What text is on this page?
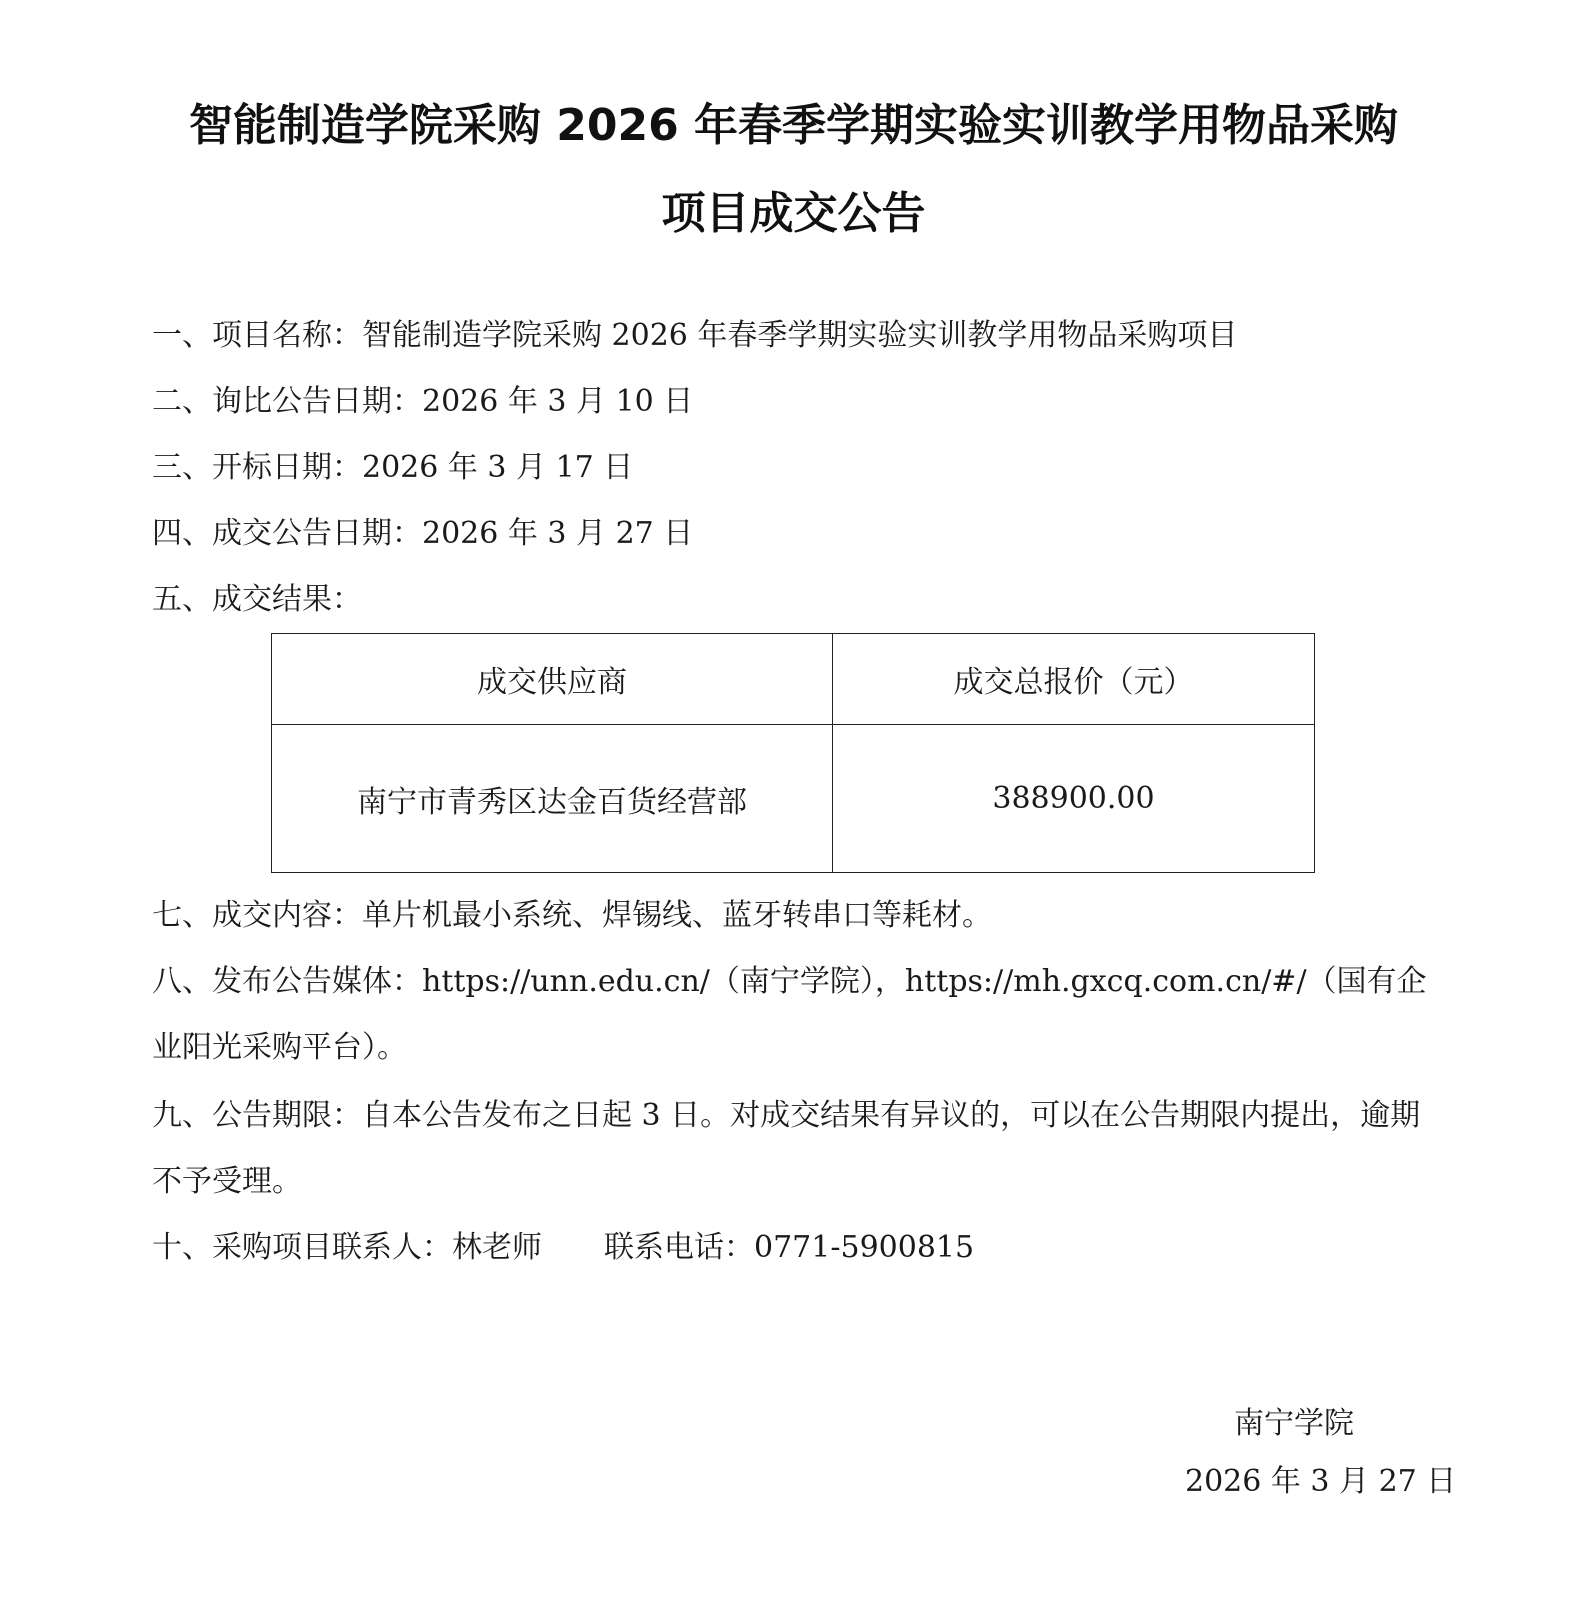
智能制造学院采购 2026 年春季学期实验实训教学用物品采购
项目成交公告
一、项目名称：智能制造学院采购 2026 年春季学期实验实训教学用物品采购项目
二、询比公告日期：2026 年 3 月 10 日
三、开标日期：2026 年 3 月 17 日
四、成交公告日期：2026 年 3 月 27 日
五、成交结果：
成交供应商	成交总报价（元）
南宁市青秀区达金百货经营部	388900.00
七、成交内容：单片机最小系统、焊锡线、蓝牙转串口等耗材。
八、发布公告媒体：https://unn.edu.cn/（南宁学院），https://mh.gxcq.com.cn/#/（国有企业阳光采购平台）。
九、公告期限：自本公告发布之日起 3 日。对成交结果有异议的，可以在公告期限内提出，逾期不予受理。
十、采购项目联系人：林老师 联系电话：0771-5900815
南宁学院
2026 年 3 月 27 日
